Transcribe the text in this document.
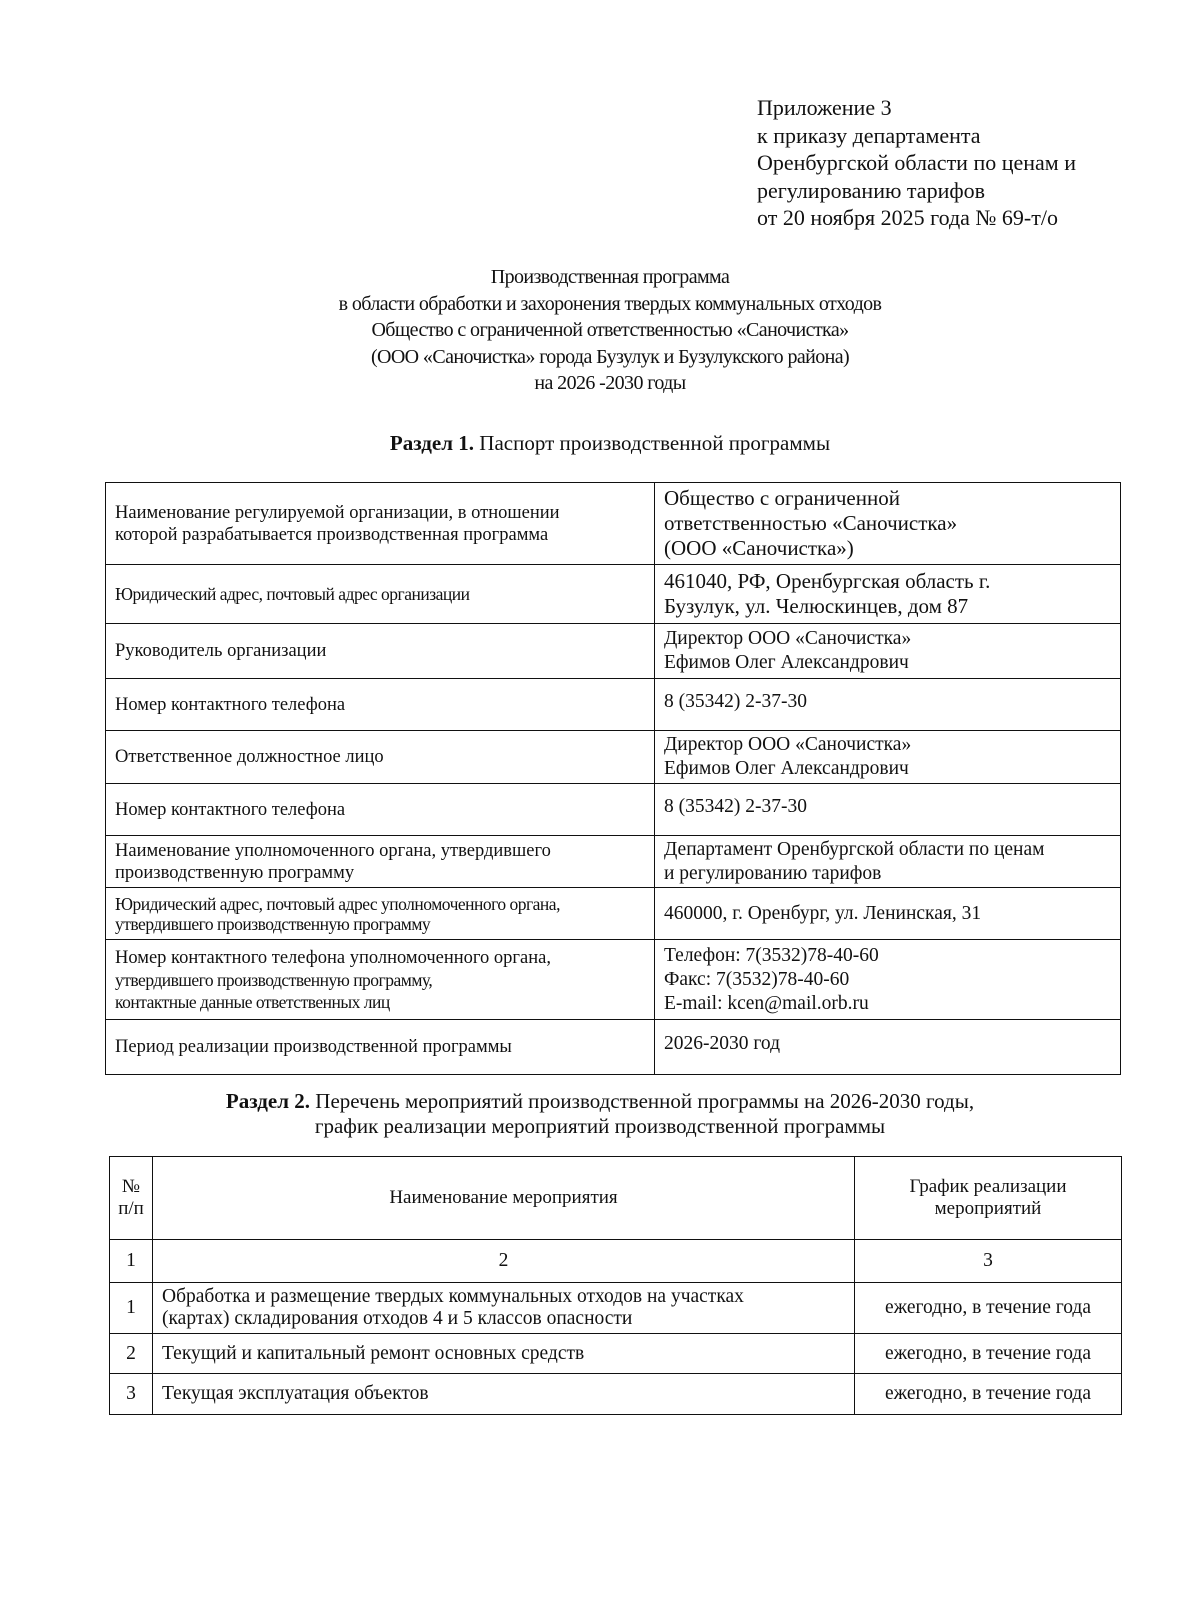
Приложение 3
к приказу департамента
Оренбургской области по ценам и
регулированию тарифов
от 20 ноября 2025 года № 69-т/о
Производственная программа
в области обработки и захоронения твердых коммунальных отходов
Общество с ограниченной ответственностью «Саночистка»
(ООО «Саночистка» города Бузулук и Бузулукского района)
на 2026 -2030 годы
Раздел 1. Паспорт производственной программы
Наименование регулируемой организации, в отношении
которой разрабатывается производственная программа	Общество с ограниченной
ответственностью «Саночистка»
(ООО «Саночистка»)

Юридический адрес, почтовый адрес организации	461040, РФ, Оренбургская область г.
Бузулук, ул. Челюскинцев, дом 87

Руководитель организации	Директор ООО «Саночистка»
Ефимов Олег Александрович

Номер контактного телефона	8 (35342) 2-37-30

Ответственное должностное лицо	Директор ООО «Саночистка»
Ефимов Олег Александрович

Номер контактного телефона	8 (35342) 2-37-30

Наименование уполномоченного органа, утвердившего
производственную программу	Департамент Оренбургской области по ценам
и регулированию тарифов

Юридический адрес, почтовый адрес уполномоченного органа,
утвердившего производственную программу	460000, г. Оренбург, ул. Ленинская, 31

Номер контактного телефона уполномоченного органа,
утвердившего производственную программу,
контактные данные ответственных лиц	Телефон: 7(3532)78-40-60
Факс: 7(3532)78-40-60
E-mail: kcen@mail.orb.ru

Период реализации производственной программы	2026-2030 год
Раздел 2. Перечень мероприятий производственной программы на 2026-2030 годы,
график реализации мероприятий производственной программы
№
п/п	Наименование мероприятия	График реализации
мероприятий

1	2	3
1	Обработка и размещение твердых коммунальных отходов на участках
(картах) складирования отходов 4 и 5 классов опасности	ежегодно, в течение года
2	Текущий и капитальный ремонт основных средств	ежегодно, в течение года
3	Текущая эксплуатация объектов	ежегодно, в течение года
